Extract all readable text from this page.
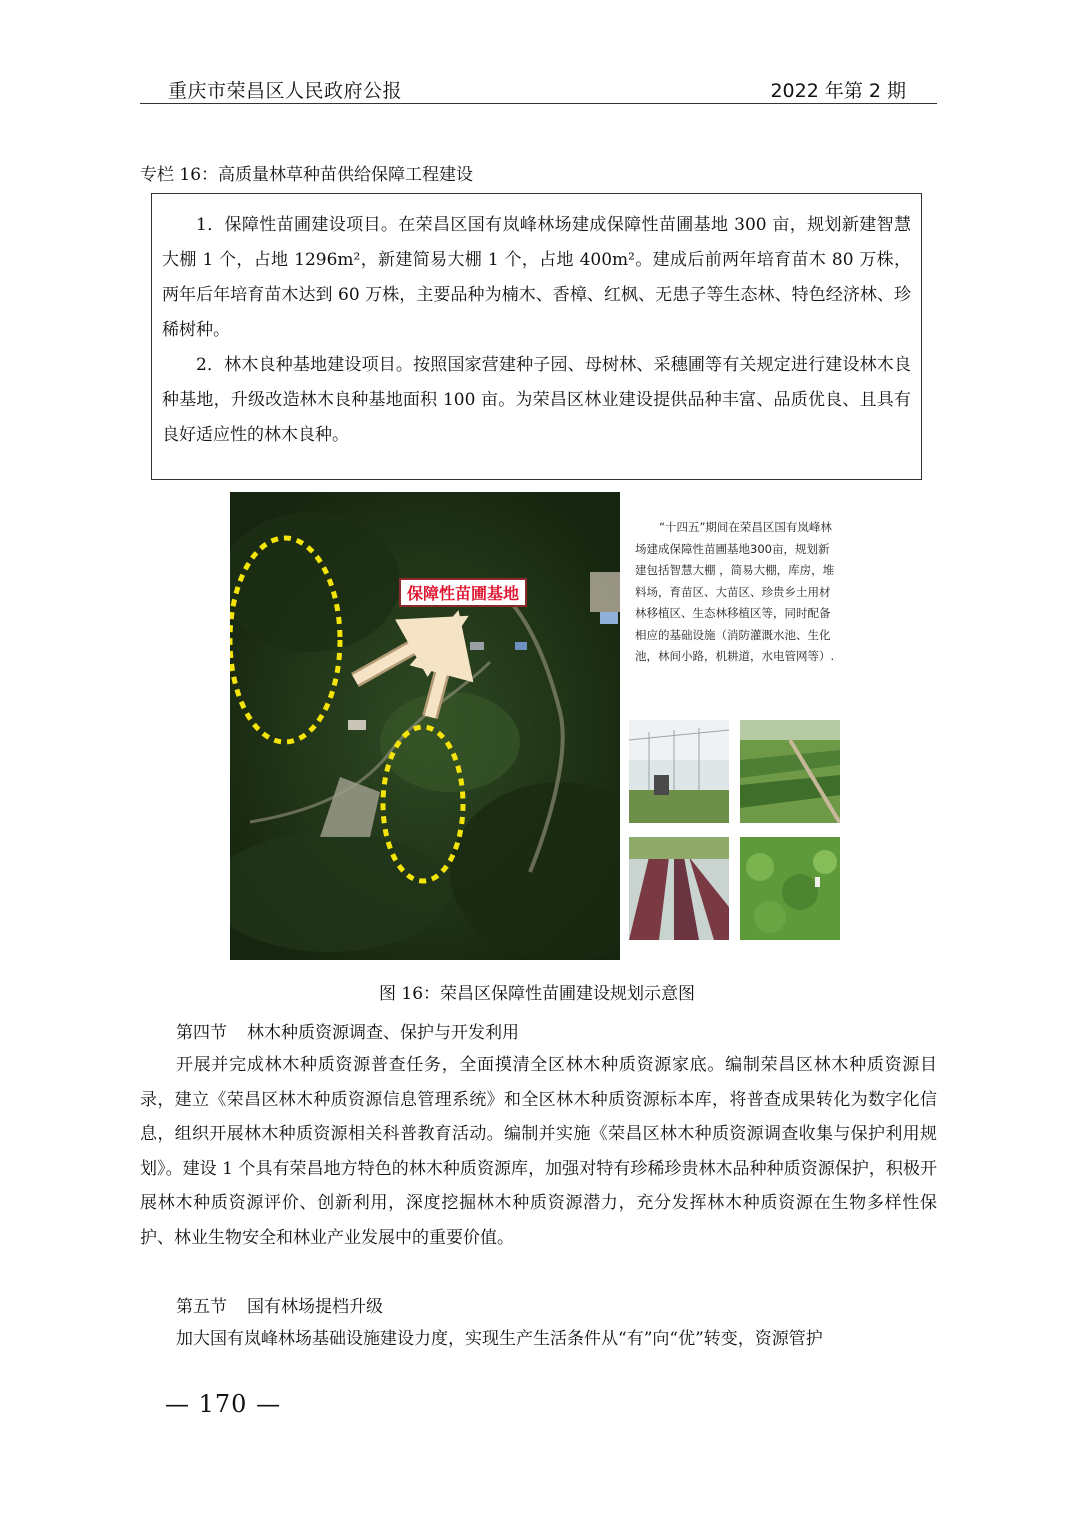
重庆市荣昌区人民政府公报	2022 年第 2 期
专栏 16：高质量林草种苗供给保障工程建设

1．保障性苗圃建设项目。在荣昌区国有岚峰林场建成保障性苗圃基地 300 亩，规划新建智慧大棚 1 个，占地 1296m²，新建简易大棚 1 个，占地 400m²。建成后前两年培育苗木 80 万株，两年后年培育苗木达到 60 万株，主要品种为楠木、香樟、红枫、无患子等生态林、特色经济林、珍稀树种。

2．林木良种基地建设项目。按照国家营建种子园、母树林、采穗圃等有关规定进行建设林木良种基地，升级改造林木良种基地面积 100 亩。为荣昌区林业建设提供品种丰富、品质优良、且具有良好适应性的林木良种。

保障性苗圃基地
“十四五”期间在荣昌区国有岚峰林场建成保障性苗圃基地300亩，规划新建包括智慧大棚 ，简易大棚，库房，堆料场，育苗区、大苗区、珍贵乡土用材林移植区、生态林移植区等，同时配备相应的基础设施（消防灌溉水池、生化池，林间小路，机耕道，水电管网等）.
图 16：荣昌区保障性苗圃建设规划示意图
第四节 林木种质资源调查、保护与开发利用

开展并完成林木种质资源普查任务，全面摸清全区林木种质资源家底。编制荣昌区林木种质资源目录，建立《荣昌区林木种质资源信息管理系统》和全区林木种质资源标本库，将普查成果转化为数字化信息，组织开展林木种质资源相关科普教育活动。编制并实施《荣昌区林木种质资源调查收集与保护利用规划》。建设 1 个具有荣昌地方特色的林木种质资源库，加强对特有珍稀珍贵林木品种种质资源保护，积极开展林木种质资源评价、创新利用，深度挖掘林木种质资源潜力，充分发挥林木种质资源在生物多样性保护、林业生物安全和林业产业发展中的重要价值。

第五节 国有林场提档升级

加大国有岚峰林场基础设施建设力度，实现生产生活条件从“有”向“优”转变，资源管护

— 170 —
